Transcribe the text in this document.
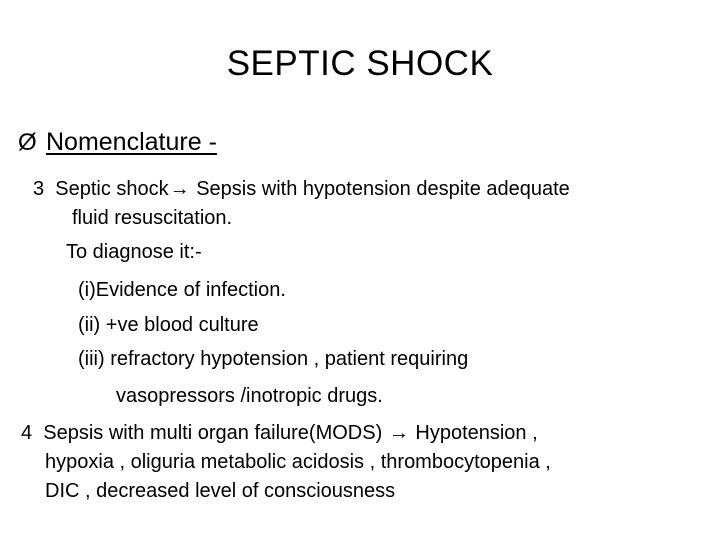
SEPTIC SHOCK
Ø Nomenclature -
3 Septic shock→ Sepsis with hypotension despite adequate
fluid resuscitation.
To diagnose it:-
(i)Evidence of infection.
(ii) +ve blood culture
(iii) refractory hypotension , patient requiring
vasopressors /inotropic drugs.
4 Sepsis with multi organ failure(MODS) → Hypotension ,
hypoxia , oliguria metabolic acidosis , thrombocytopenia ,
DIC , decreased level of consciousness
